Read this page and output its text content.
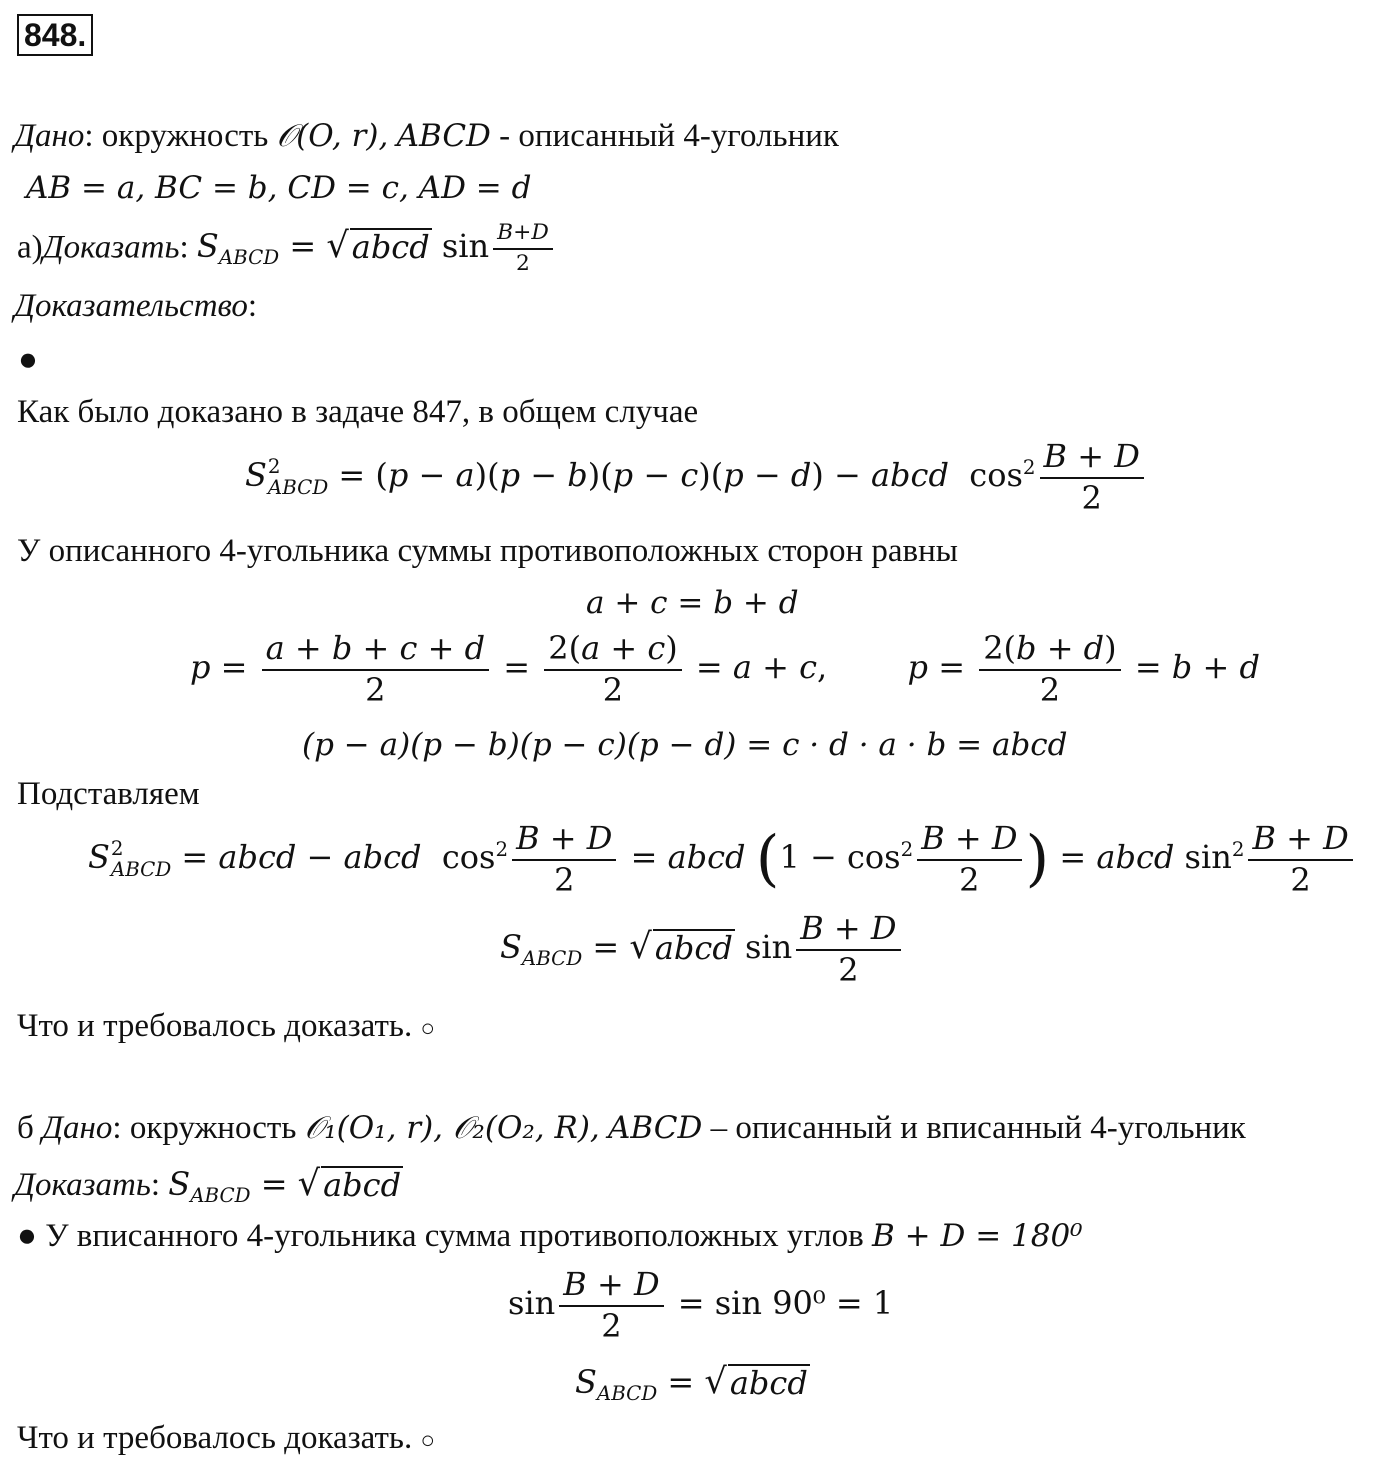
848.
Дано: окружность 𝒪(O, r), ABCD - описанный 4-угольник
AB = a, BC = b, CD = c, AD = d
а)Доказать: $S_{ABCD}$ = √ abcd $\sin \frac{B+D}{2}$
Доказательство:
●
Как было доказано в задаче 847, в общем случае
S 2
ABCD = (p − a)(p − b)(p − c)(p − d) − abcd  $\cos^2 \frac{B + D}{2}$
У описанного 4-угольника суммы противоположных сторон равны
a + c = b + d
$p = \frac{a + b + c + d}{2} = \frac{2(a + c)}{2} = a + c$,  $p = \frac{2(b + d)}{2} = b + d$
(p − a)(p − b)(p − c)(p − d) = c · d · a · b = abcd
Подставляем
S 2
ABCD = abcd − abcd  $\cos^2 \frac{B + D}{2}$ = abcd ($1 - \cos^2 \frac{B + D}{2}$ ) = abcd $\sin^2 \frac{B + D}{2}$
$S_{ABCD}$ = √ abcd $\sin \frac{B + D}{2}$
Что и требовалось доказать. ○
б Дано: окружность 𝒪₁(O₁, r), 𝒪₂(O₂, R), ABCD – описанный и вписанный 4-угольник
Доказать: $S_{ABCD}$ = √ abcd
● У вписанного 4-угольника сумма противоположных углов B + D = 180⁰
$\sin \frac{B + D}{2} = \sin 90^0 = 1$
$S_{ABCD}$ = √ abcd
Что и требовалось доказать. ○
